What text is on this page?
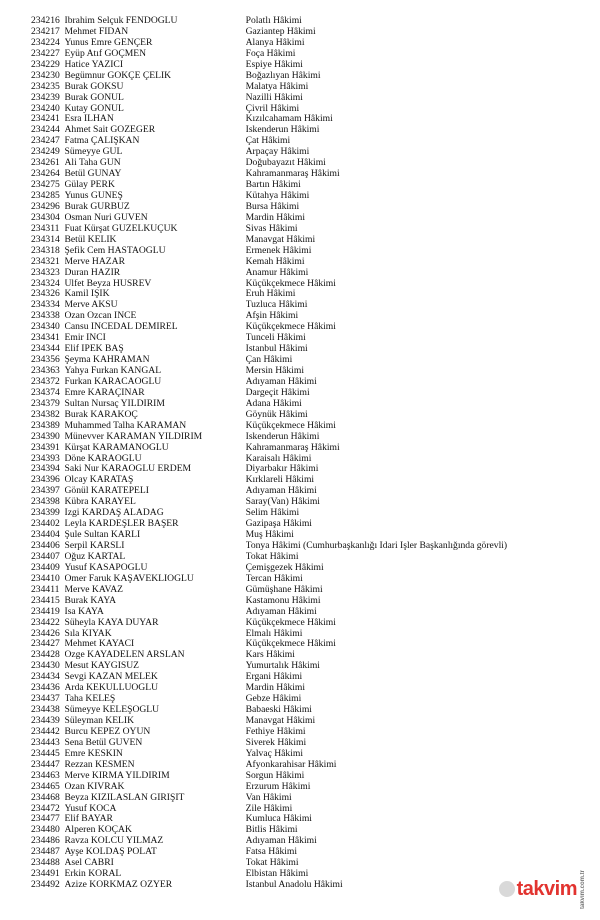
234216 İbrahim Selçuk FENDOĞLU	Polatlı Hâkimi
234217 Mehmet FİDAN	Gaziantep Hâkimi
234224 Yunus Emre GENÇER	Alanya Hâkimi
234227 Eyüp Atıf GÖÇMEN	Foça Hâkimi
234229 Hatice YAZICI	Espiye Hâkimi
234230 Begümnur GÖKÇE ÇELİK	Boğazlıyan Hâkimi
234235 Burak GÖKSU	Malatya Hâkimi
234239 Burak GÖNÜL	Nazilli Hâkimi
234240 Kutay GÖNÜL	Çivril Hâkimi
234241 Esra İLHAN	Kızılcahamam Hâkimi
234244 Ahmet Sait GÖZEGER	İskenderun Hâkimi
234247 Fatma ÇALIŞKAN	Çat Hâkimi
234249 Sümeyye GÜL	Arpaçay Hâkimi
234261 Ali Taha GÜN	Doğubayazıt Hâkimi
234264 Betül GÜNAY	Kahramanmaraş Hâkimi
234275 Gülay PERK	Bartın Hâkimi
234285 Yunus GÜNEŞ	Kütahya Hâkimi
234296 Burak GÜRBÜZ	Bursa Hâkimi
234304 Osman Nuri GÜVEN	Mardin Hâkimi
234311 Fuat Kürşat GÜZELKÜÇÜK	Sivas Hâkimi
234314 Betül KELİK	Manavgat Hâkimi
234318 Şefik Cem HASTAOĞLU	Ermenek Hâkimi
234321 Merve HAZAR	Kemah Hâkimi
234323 Duran HAZIR	Anamur Hâkimi
234324 Ülfet Beyza HÜSREV	Küçükçekmece Hâkimi
234326 Kamil IŞIK	Eruh Hâkimi
234334 Merve AKSU	Tuzluca Hâkimi
234338 Ozan Özcan İNCE	Afşin Hâkimi
234340 Cansu İNCEDAL DEMİREL	Küçükçekmece Hâkimi
234341 Emir İNCİ	Tunceli Hâkimi
234344 Elif İPEK BAŞ	İstanbul Hâkimi
234356 Şeyma KAHRAMAN	Çan Hâkimi
234363 Yahya Furkan KANGAL	Mersin Hâkimi
234372 Furkan KARACAOĞLU	Adıyaman Hâkimi
234374 Emre KARAÇINAR	Dargeçit Hâkimi
234379 Sultan Nursaç YILDIRIM	Adana Hâkimi
234382 Burak KARAKOÇ	Göynük Hâkimi
234389 Muhammed Talha KARAMAN	Küçükçekmece Hâkimi
234390 Münevver KARAMAN YILDIRIM	İskenderun Hâkimi
234391 Kürşat KARAMANOĞLU	Kahramanmaraş Hâkimi
234393 Döne KARAOĞLU	Karaisalı Hâkimi
234394 Saki Nur KARAOĞLU ERDEM	Diyarbakır Hâkimi
234396 Olcay KARATAŞ	Kırklareli Hâkimi
234397 Gönül KARATEPELİ	Adıyaman Hâkimi
234398 Kübra KARAYEL	Saray(Van) Hâkimi
234399 İzgi KARDAŞ ALADAĞ	Selim Hâkimi
234402 Leyla KARDEŞLER BAŞER	Gazipaşa Hâkimi
234404 Şule Sultan KARLI	Muş Hâkimi
234406 Serpil KARSLI	Tonya Hâkimi (Cumhurbaşkanlığı İdari İşler Başkanlığında görevli)
234407 Oğuz KARTAL	Tokat Hâkimi
234409 Yusuf KASAPOĞLU	Çemişgezek Hâkimi
234410 Ömer Faruk KAŞAVEKLİOĞLU	Tercan Hâkimi
234411 Merve KAVAZ	Gümüşhane Hâkimi
234415 Burak KAYA	Kastamonu Hâkimi
234419 İsa KAYA	Adıyaman Hâkimi
234422 Süheyla KAYA DUYAR	Küçükçekmece Hâkimi
234426 Sıla KIYAK	Elmalı Hâkimi
234427 Mehmet KAYACI	Küçükçekmece Hâkimi
234428 Özge KAYADELEN ARSLAN	Kars Hâkimi
234430 Mesut KAYGISUZ	Yumurtalık Hâkimi
234434 Sevgi KAZAN MELEK	Ergani Hâkimi
234436 Arda KEKÜLLÜOĞLU	Mardin Hâkimi
234437 Taha KELEŞ	Gebze Hâkimi
234438 Sümeyye KELEŞOĞLU	Babaeski Hâkimi
234439 Süleyman KELİK	Manavgat Hâkimi
234442 Burcu KEPEZ OYUN	Fethiye Hâkimi
234443 Sena Betül GÜVEN	Siverek Hâkimi
234445 Emre KESKİN	Yalvaç Hâkimi
234447 Rezzan KESMEN	Afyonkarahisar Hâkimi
234463 Merve KIRMA YILDIRIM	Sorgun Hâkimi
234465 Ozan KIVRAK	Erzurum Hâkimi
234468 Beyza KIZILASLAN GİRİŞİT	Van Hâkimi
234472 Yusuf KOCA	Zile Hâkimi
234477 Elif BAYAR	Kumluca Hâkimi
234480 Alperen KOÇAK	Bitlis Hâkimi
234486 Ravza KOLCU YILMAZ	Adıyaman Hâkimi
234487 Ayşe KOLDAŞ POLAT	Fatsa Hâkimi
234488 Asel CABRİ	Tokat Hâkimi
234491 Erkin KORAL	Elbistan Hâkimi
234492 Azize KORKMAZ ÖZYER	İstanbul Anadolu Hâkimi	takvim takvim.com.tr
